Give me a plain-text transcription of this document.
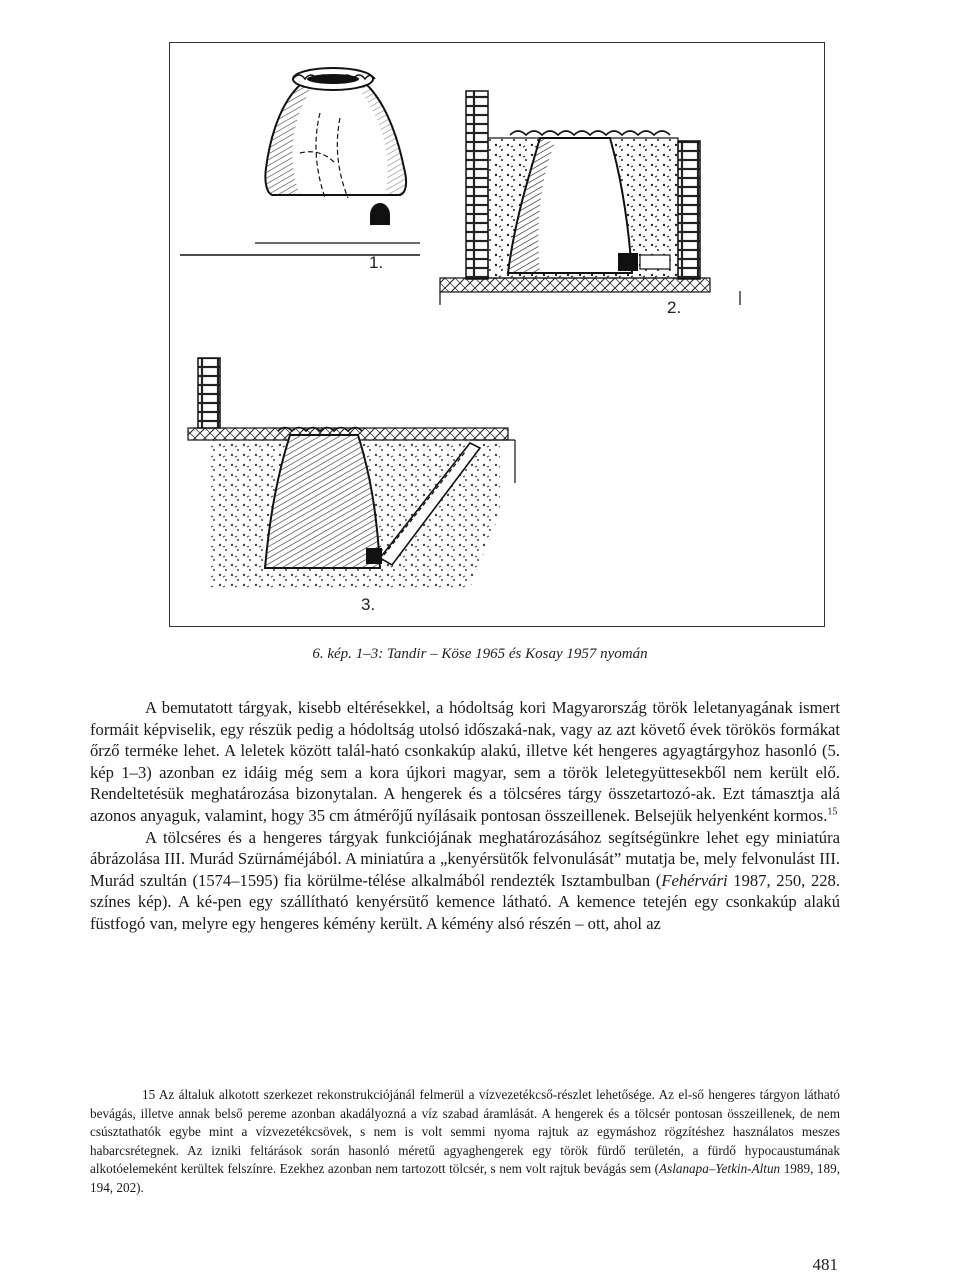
1.
2.
3.
6. kép. 1–3: Tandir – Köse 1965 és Kosay 1957 nyomán

A bemutatott tárgyak, kisebb eltérésekkel, a hódoltság kori Magyarország török leletanyagának ismert formáit képviselik, egy részük pedig a hódoltság utolsó időszaká-nak, vagy az azt követő évek törökös formákat őrző terméke lehet. A leletek között talál-ható csonkakúp alakú, illetve két hengeres agyagtárgyhoz hasonló (5. kép 1–3) azonban ez idáig még sem a kora újkori magyar, sem a török leletegyüttesekből nem került elő. Rendeltetésük meghatározása bizonytalan. A hengerek és a tölcséres tárgy összetartozó-ak. Ezt támasztja alá azonos anyaguk, valamint, hogy 35 cm átmérőjű nyílásaik pontosan összeillenek. Belsejük helyenként kormos.$^{15}$

A tölcséres és a hengeres tárgyak funkciójának meghatározásához segítségünkre lehet egy miniatúra ábrázolása III. Murád Szürnáméjából. A miniatúra a „kenyérsütők felvonulását” mutatja be, mely felvonulást III. Murád szultán (1574–1595) fia körülme-télése alkalmából rendezték Isztambulban (Fehérvári 1987, 250, 228. színes kép). A ké-pen egy szállítható kenyérsütő kemence látható. A kemence tetején egy csonkakúp alakú füstfogó van, melyre egy hengeres kémény került. A kémény alsó részén – ott, ahol az

15 Az általuk alkotott szerkezet rekonstrukciójánál felmerül a vízvezetékcső-részlet lehetősége. Az el-ső hengeres tárgyon látható bevágás, illetve annak belső pereme azonban akadályozná a víz szabad áramlását. A hengerek és a tölcsér pontosan összeillenek, de nem csúsztathatók egybe mint a vízvezetékcsövek, s nem is volt semmi nyoma rajtuk az egymáshoz rögzítéshez használatos meszes habarcsrétegnek. Az izniki feltárások során hasonló méretű agyaghengerek egy török fürdő területén, a fürdő hypocaustumának alkotóelemeként kerültek felszínre. Ezekhez azonban nem tartozott tölcsér, s nem volt rajtuk bevágás sem (Aslanapa–Yetkin-Altun 1989, 189, 194, 202).

481
